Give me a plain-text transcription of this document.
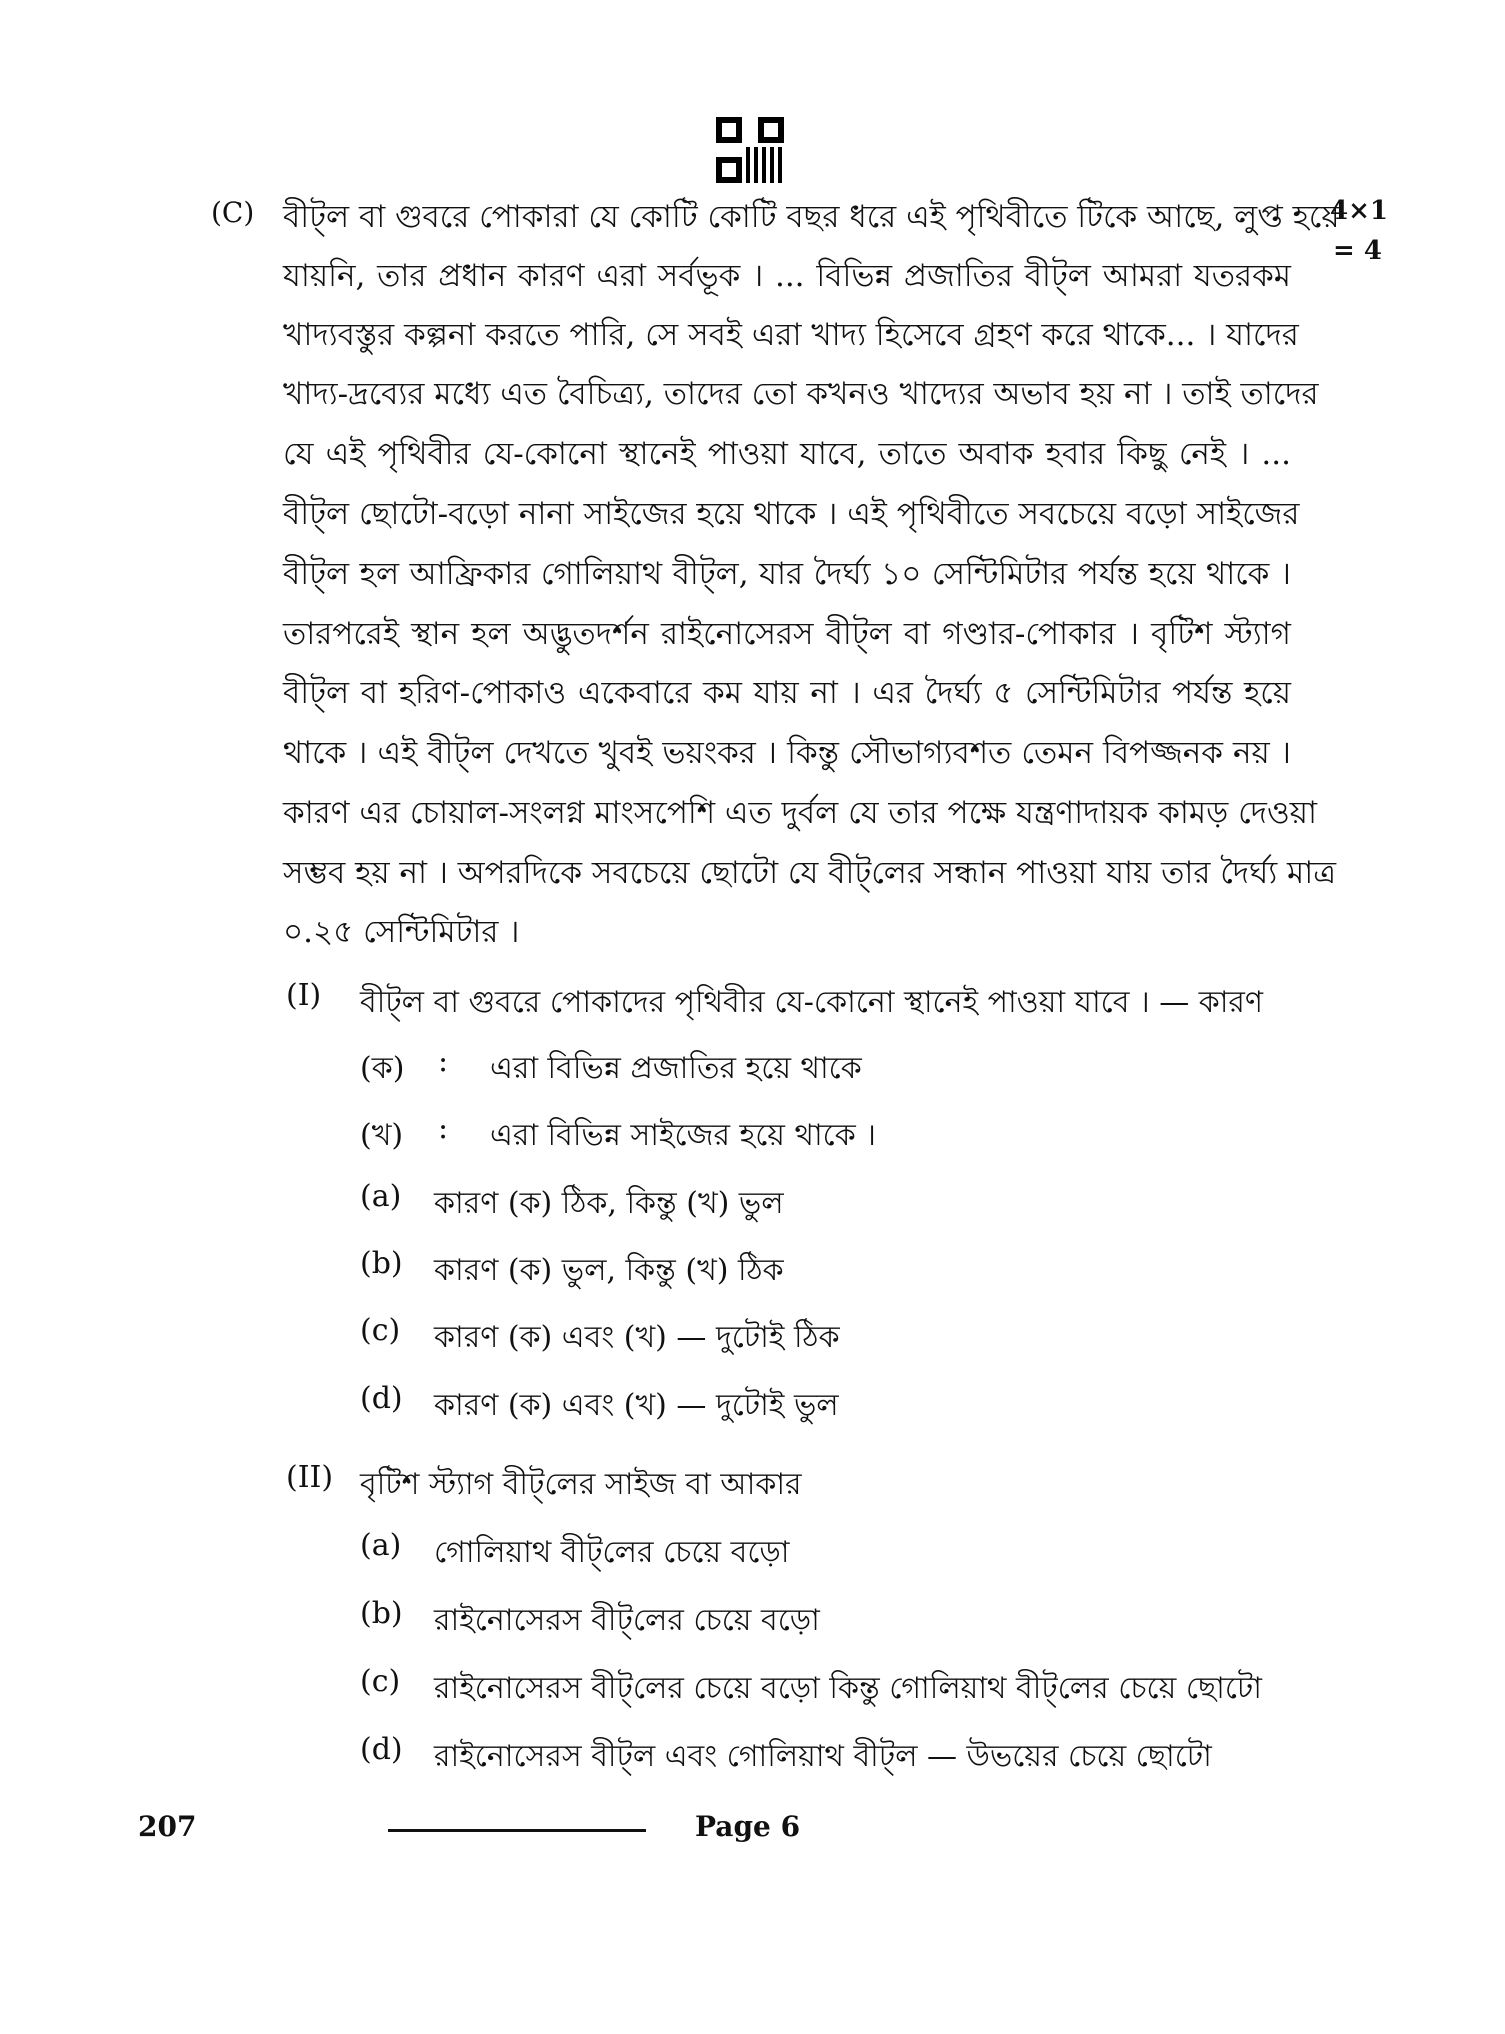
(C)	4×1
= 4
বীট্‌ল বা গুবরে পোকারা যে কোটি কোটি বছর ধরে এই পৃথিবীতে টিকে আছে, লুপ্ত হয়ে
যায়নি, তার প্রধান কারণ এরা সর্বভূক । ... বিভিন্ন প্রজাতির বীট্‌ল আমরা যতরকম
খাদ্যবস্তুর কল্পনা করতে পারি, সে সবই এরা খাদ্য হিসেবে গ্রহণ করে থাকে... । যাদের
খাদ্য-দ্রব্যের মধ্যে এত বৈচিত্র্য, তাদের তো কখনও খাদ্যের অভাব হয় না । তাই তাদের
যে এই পৃথিবীর যে-কোনো স্থানেই পাওয়া যাবে, তাতে অবাক হবার কিছু নেই । ...
বীট্‌ল ছোটো-বড়ো নানা সাইজের হয়ে থাকে । এই পৃথিবীতে সবচেয়ে বড়ো সাইজের
বীট্‌ল হল আফ্রিকার গোলিয়াথ বীট্‌ল, যার দৈর্ঘ্য ১০ সেন্টিমিটার পর্যন্ত হয়ে থাকে ।
তারপরেই স্থান হল অদ্ভুতদর্শন রাইনোসেরস বীট্‌ল বা গণ্ডার-পোকার । বৃটিশ স্ট্যাগ
বীট্‌ল বা হরিণ-পোকাও একেবারে কম যায় না । এর দৈর্ঘ্য ৫ সেন্টিমিটার পর্যন্ত হয়ে
থাকে । এই বীট্‌ল দেখতে খুবই ভয়ংকর । কিন্তু সৌভাগ্যবশত তেমন বিপজ্জনক নয় ।
কারণ এর চোয়াল-সংলগ্ন মাংসপেশি এত দুর্বল যে তার পক্ষে যন্ত্রণাদায়ক কামড় দেওয়া
সম্ভব হয় না । অপরদিকে সবচেয়ে ছোটো যে বীট্‌লের সন্ধান পাওয়া যায় তার দৈর্ঘ্য মাত্র
০.২৫ সেন্টিমিটার ।
(I) বীট্‌ল বা গুবরে পোকাদের পৃথিবীর যে-কোনো স্থানেই পাওয়া যাবে । — কারণ
(ক) : এরা বিভিন্ন প্রজাতির হয়ে থাকে
(খ) : এরা বিভিন্ন সাইজের হয়ে থাকে ।
(a) কারণ (ক) ঠিক, কিন্তু (খ) ভুল
(b) কারণ (ক) ভুল, কিন্তু (খ) ঠিক
(c) কারণ (ক) এবং (খ) — দুটোই ঠিক
(d) কারণ (ক) এবং (খ) — দুটোই ভুল
(II) বৃটিশ স্ট্যাগ বীট্‌লের সাইজ বা আকার
(a) গোলিয়াথ বীট্‌লের চেয়ে বড়ো
(b) রাইনোসেরস বীট্‌লের চেয়ে বড়ো
(c) রাইনোসেরস বীট্‌লের চেয়ে বড়ো কিন্তু গোলিয়াথ বীট্‌লের চেয়ে ছোটো
(d) রাইনোসেরস বীট্‌ল এবং গোলিয়াথ বীট্‌ল — উভয়ের চেয়ে ছোটো
207	Page 6
